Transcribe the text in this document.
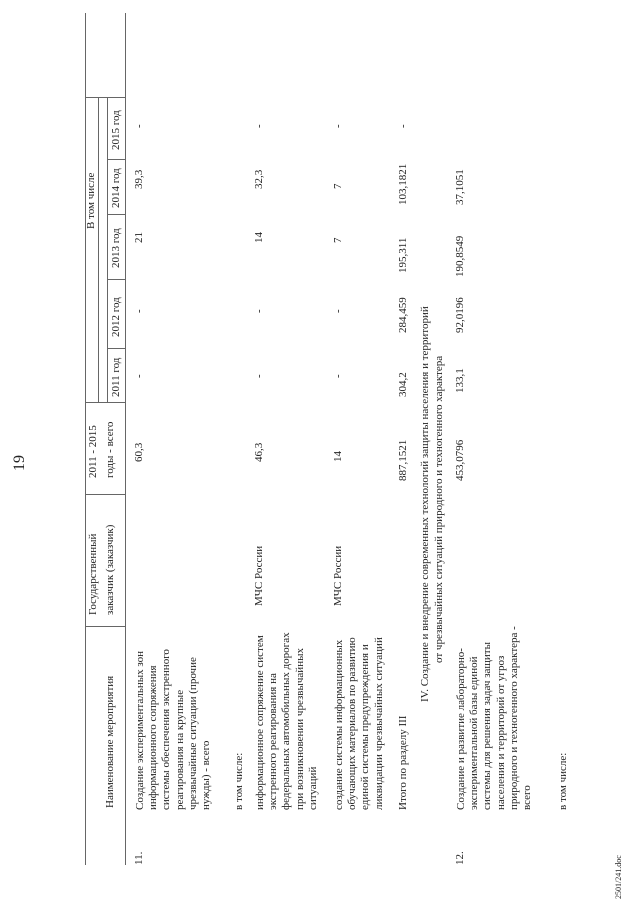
19
Наименование мероприятия
Государственный заказчик (заказчик)
2011 - 2015 годы - всего
В том числе
2011 год
2012 год
2013 год
2014 год
2015 год
11.
Создание экспериментальных зон
информационного сопряжения
системы обеспечения экстренного
реагирования на крупные
чрезвычайные ситуации (прочие
нужды) - всего
60,3
-
-
21
39,3
-
в том числе: информационное сопряжение систем
экстренного реагирования на
федеральных автомобильных дорогах
при возникновении чрезвычайных
ситуаций
МЧС России
46,3
-
-
14
32,3
-
создание системы информационных
обучающих материалов по развитию
единой системы предупреждения и
ликвидации чрезвычайных ситуаций
МЧС России
14
-
-
7
7
-
Итого по разделу III
887,1521
304,2
284,459
195,311
103,1821
-
IV. Создание и внедрение современных технологий защиты населения и территорий от чрезвычайных ситуаций природного и техногенного характера
12.
Создание и развитие лабораторно-
экспериментальной базы единой
системы для решения задач защиты
населения и территорий от угроз
природного и техногенного характера -
всего
453,0796
133,1
92,0196
190,8549
37,1051
в том числе:
2501/241.doc
